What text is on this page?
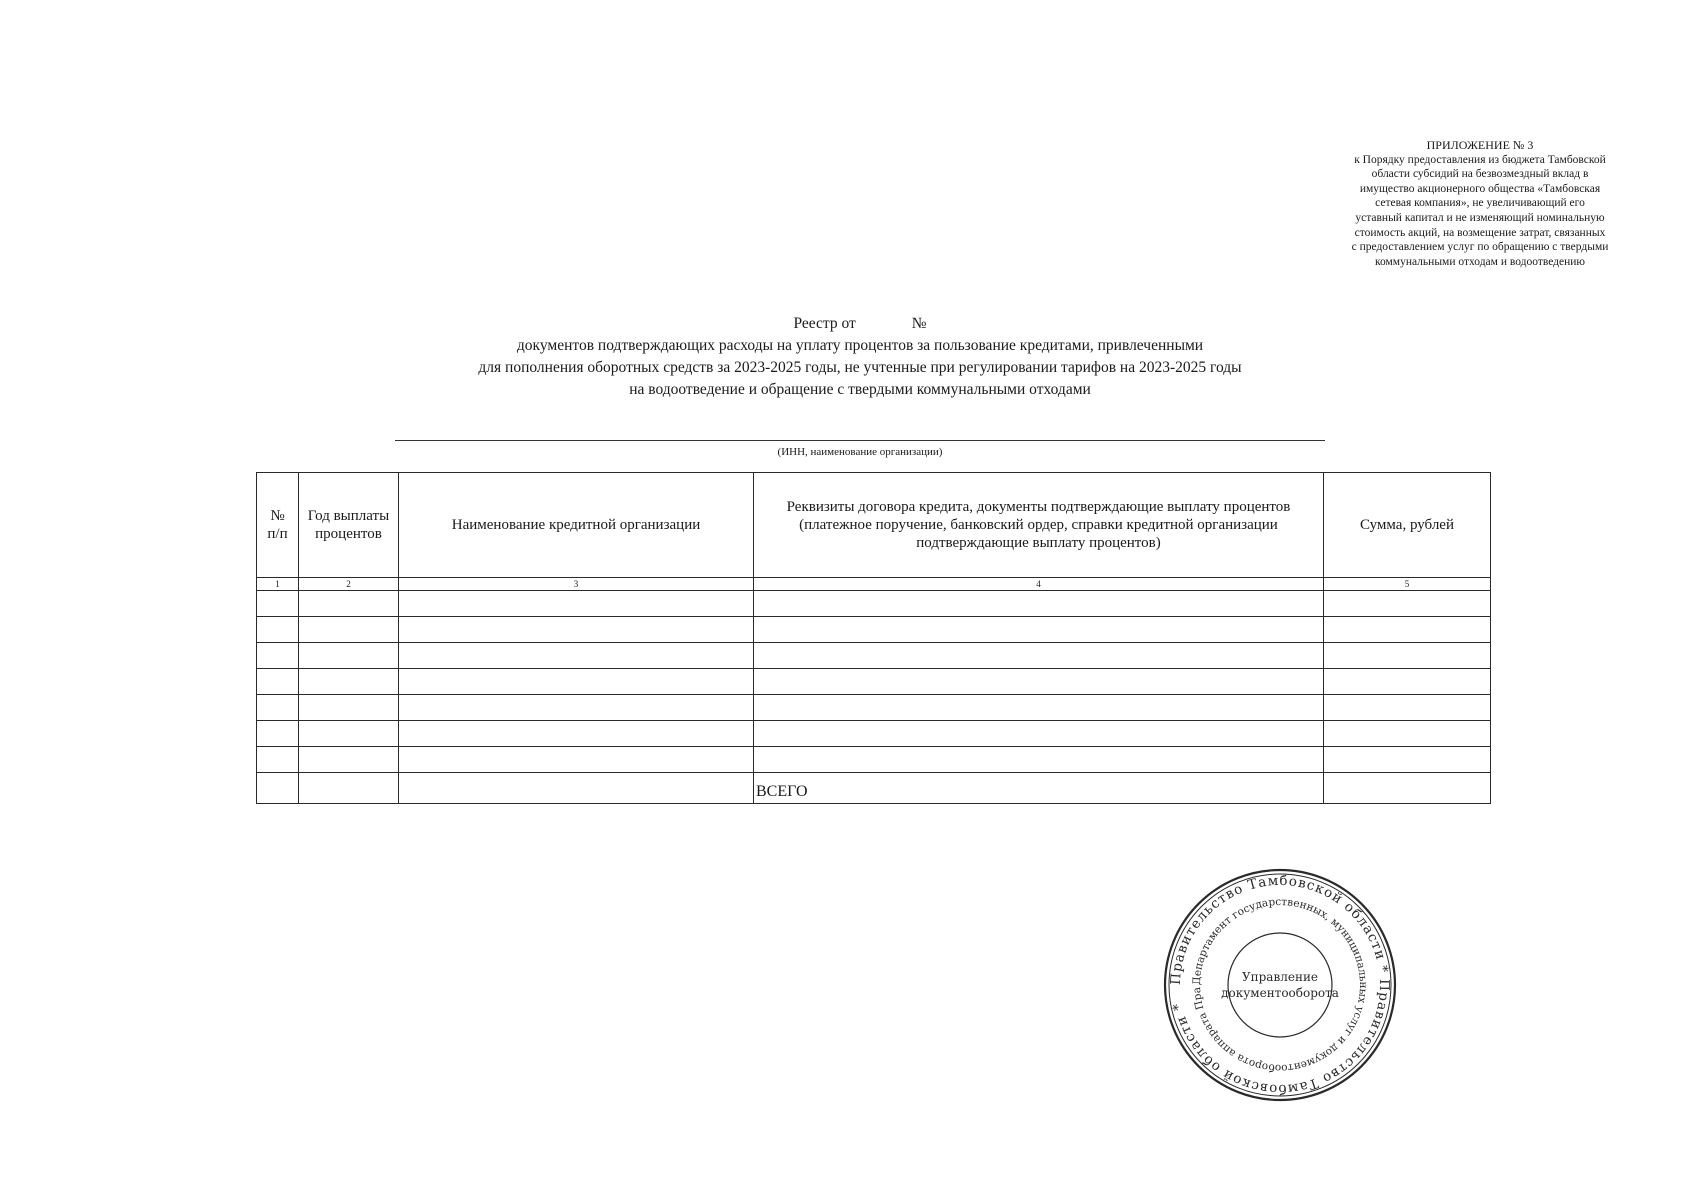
ПРИЛОЖЕНИЕ № 3
к Порядку предоставления из бюджета Тамбовской
области субсидий на безвозмездный вклад в
имущество акционерного общества «Тамбовская
сетевая компания», не увеличивающий его
уставный капитал и не изменяющий номинальную
стоимость акций, на возмещение затрат, связанных
с предоставлением услуг по обращению с твердыми
коммунальными отходам и водоотведению
Реестр от	№
документов подтверждающих расходы на уплату процентов за пользование кредитами, привлеченными
для пополнения оборотных средств за 2023-2025 годы, не учтенные при регулировании тарифов на 2023-2025 годы
на водоотведение и обращение с твердыми коммунальными отходами
(ИНН, наименование организации)
№ п/п	Год выплаты процентов	Наименование кредитной организации	Реквизиты договора кредита, документы подтверждающие выплату процентов (платежное поручение, банковский ордер, справки кредитной организации подтверждающие выплату процентов)	Сумма, рублей
1	2	3	4	5

			ВСЕГО	
Правительство Тамбовской области * Правительство Тамбовской области *
Департамент государственных, муниципальных услуг и документооборота аппарата Пра
Управление
документооборота
